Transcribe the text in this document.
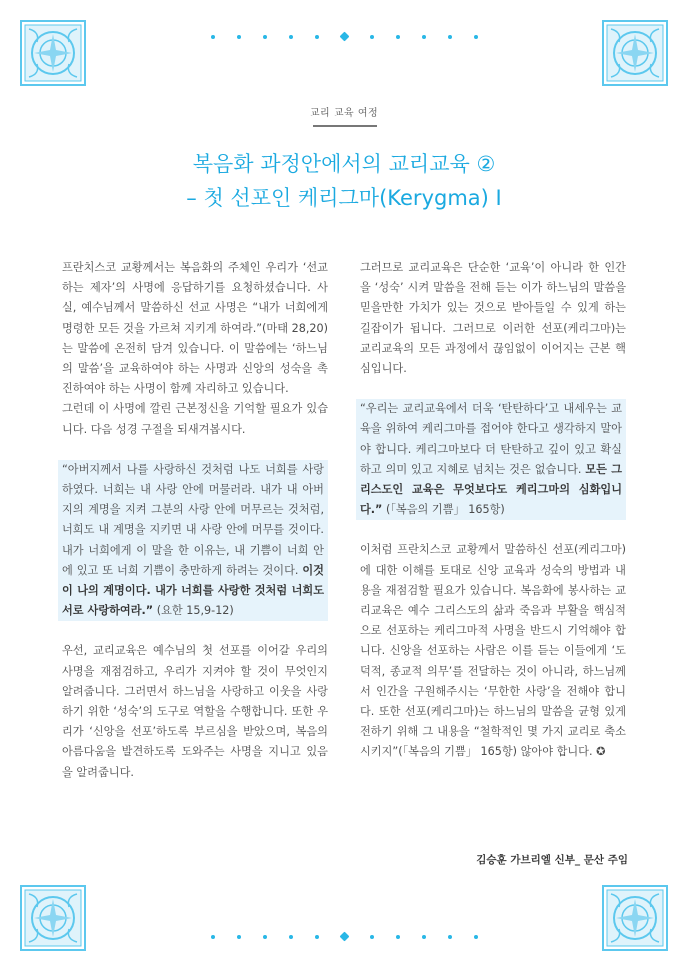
교리 교육 여정
복음화 과정안에서의 교리교육 ②
– 첫 선포인 케리그마(Kerygma) Ⅰ

프란치스코 교황께서는 복음화의 주체인 우리가 ‘선교하는 제자’의 사명에 응답하기를 요청하셨습니다. 사실, 예수님께서 말씀하신 선교 사명은 “내가 너희에게 명령한 모든 것을 가르쳐 지키게 하여라.”(마태 28,20)는 말씀에 온전히 담겨 있습니다. 이 말씀에는 ‘하느님의 말씀’을 교육하여야 하는 사명과 신앙의 성숙을 촉진하여야 하는 사명이 함께 자리하고 있습니다.

그런데 이 사명에 깔린 근본정신을 기억할 필요가 있습니다. 다음 성경 구절을 되새겨봅시다.

“아버지께서 나를 사랑하신 것처럼 나도 너희를 사랑하였다. 너희는 내 사랑 안에 머물러라. 내가 내 아버지의 계명을 지켜 그분의 사랑 안에 머무르는 것처럼, 너희도 내 계명을 지키면 내 사랑 안에 머무를 것이다. 내가 너희에게 이 말을 한 이유는, 내 기쁨이 너희 안에 있고 또 너희 기쁨이 충만하게 하려는 것이다. 이것이 나의 계명이다. 내가 너희를 사랑한 것처럼 너희도 서로 사랑하여라.” (요한 15,9-12)

우선, 교리교육은 예수님의 첫 선포를 이어갈 우리의 사명을 재점검하고, 우리가 지켜야 할 것이 무엇인지 알려줍니다. 그러면서 하느님을 사랑하고 이웃을 사랑하기 위한 ‘성숙’의 도구로 역할을 수행합니다. 또한 우리가 ‘신앙을 선포’하도록 부르심을 받았으며, 복음의 아름다움을 발견하도록 도와주는 사명을 지니고 있음을 알려줍니다.

그러므로 교리교육은 단순한 ‘교육’이 아니라 한 인간을 ‘성숙’ 시켜 말씀을 전해 듣는 이가 하느님의 말씀을 믿을만한 가치가 있는 것으로 받아들일 수 있게 하는 길잡이가 됩니다. 그러므로 이러한 선포(케리그마)는 교리교육의 모든 과정에서 끊임없이 이어지는 근본 핵심입니다.

“우리는 교리교육에서 더욱 ‘탄탄하다’고 내세우는 교육을 위하여 케리그마를 접어야 한다고 생각하지 말아야 합니다. 케리그마보다 더 탄탄하고 깊이 있고 확실하고 의미 있고 지혜로 넘치는 것은 없습니다. 모든 그리스도인 교육은 무엇보다도 케리그마의 심화입니다.” (「복음의 기쁨」 165항)

이처럼 프란치스코 교황께서 말씀하신 선포(케리그마)에 대한 이해를 토대로 신앙 교육과 성숙의 방법과 내용을 재점검할 필요가 있습니다. 복음화에 봉사하는 교리교육은 예수 그리스도의 삶과 죽음과 부활을 핵심적으로 선포하는 케리그마적 사명을 반드시 기억해야 합니다. 신앙을 선포하는 사람은 이를 듣는 이들에게 ‘도덕적, 종교적 의무’를 전달하는 것이 아니라, 하느님께서 인간을 구원해주시는 ‘무한한 사랑’을 전해야 합니다. 또한 선포(케리그마)는 하느님의 말씀을 균형 있게 전하기 위해 그 내용을 “철학적인 몇 가지 교리로 축소 시키지”(「복음의 기쁨」 165항) 않아야 합니다. ✪

김승훈 가브리엘 신부_ 문산 주임
